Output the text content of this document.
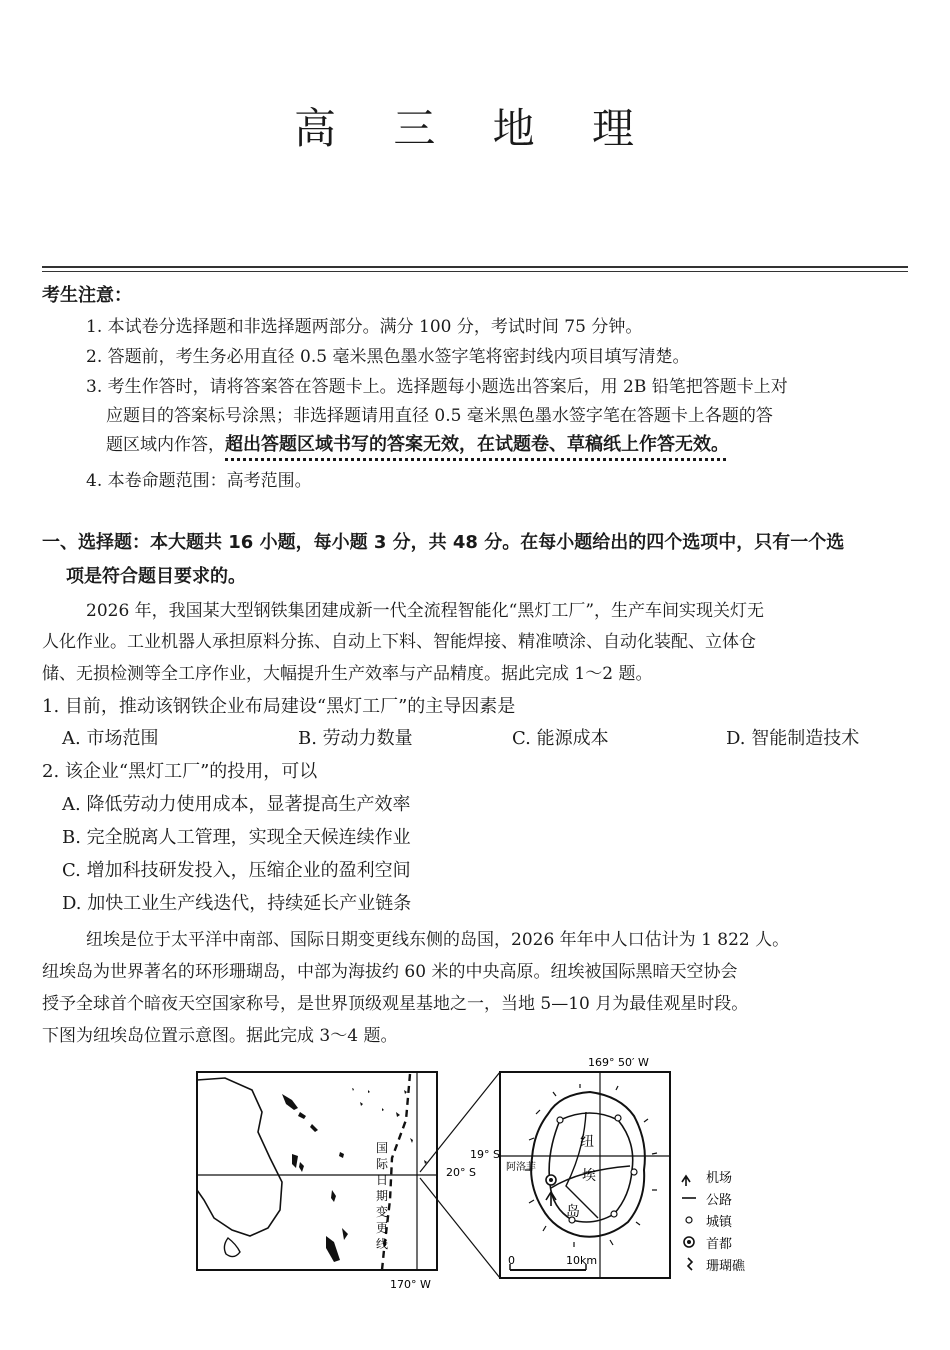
高 三 地 理
考生注意：
1. 本试卷分选择题和非选择题两部分。满分 100 分，考试时间 75 分钟。
2. 答题前，考生务必用直径 0.5 毫米黑色墨水签字笔将密封线内项目填写清楚。
3. 考生作答时，请将答案答在答题卡上。选择题每小题选出答案后，用 2B 铅笔把答题卡上对
应题目的答案标号涂黑；非选择题请用直径 0.5 毫米黑色墨水签字笔在答题卡上各题的答
题区域内作答，超出答题区域书写的答案无效，在试题卷、草稿纸上作答无效。
4. 本卷命题范围：高考范围。
一、选择题：本大题共 16 小题，每小题 3 分，共 48 分。在每小题给出的四个选项中，只有一个选
项是符合题目要求的。
2026 年，我国某大型钢铁集团建成新一代全流程智能化“黑灯工厂”，生产车间实现关灯无
人化作业。工业机器人承担原料分拣、自动上下料、智能焊接、精准喷涂、自动化装配、立体仓
储、无损检测等全工序作业，大幅提升生产效率与产品精度。据此完成 1～2 题。
1. 目前，推动该钢铁企业布局建设“黑灯工厂”的主导因素是
A. 市场范围	B. 劳动力数量	C. 能源成本	D. 智能制造技术
2. 该企业“黑灯工厂”的投用，可以
A. 降低劳动力使用成本，显著提高生产效率
B. 完全脱离人工管理，实现全天候连续作业
C. 增加科技研发投入，压缩企业的盈利空间
D. 加快工业生产线迭代，持续延长产业链条
纽埃是位于太平洋中南部、国际日期变更线东侧的岛国，2026 年年中人口估计为 1 822 人。
纽埃岛为世界著名的环形珊瑚岛，中部为海拔约 60 米的中央高原。纽埃被国际黑暗天空协会
授予全球首个暗夜天空国家称号，是世界顶级观星基地之一，当地 5—10 月为最佳观星时段。
下图为纽埃岛位置示意图。据此完成 3～4 题。
国
际
日
期
变
更
线
20° S
170° W
19° S
169° 50′ W
阿洛菲
纽
埃
岛
0	10km
机场
公路
城镇
首都
珊瑚礁
